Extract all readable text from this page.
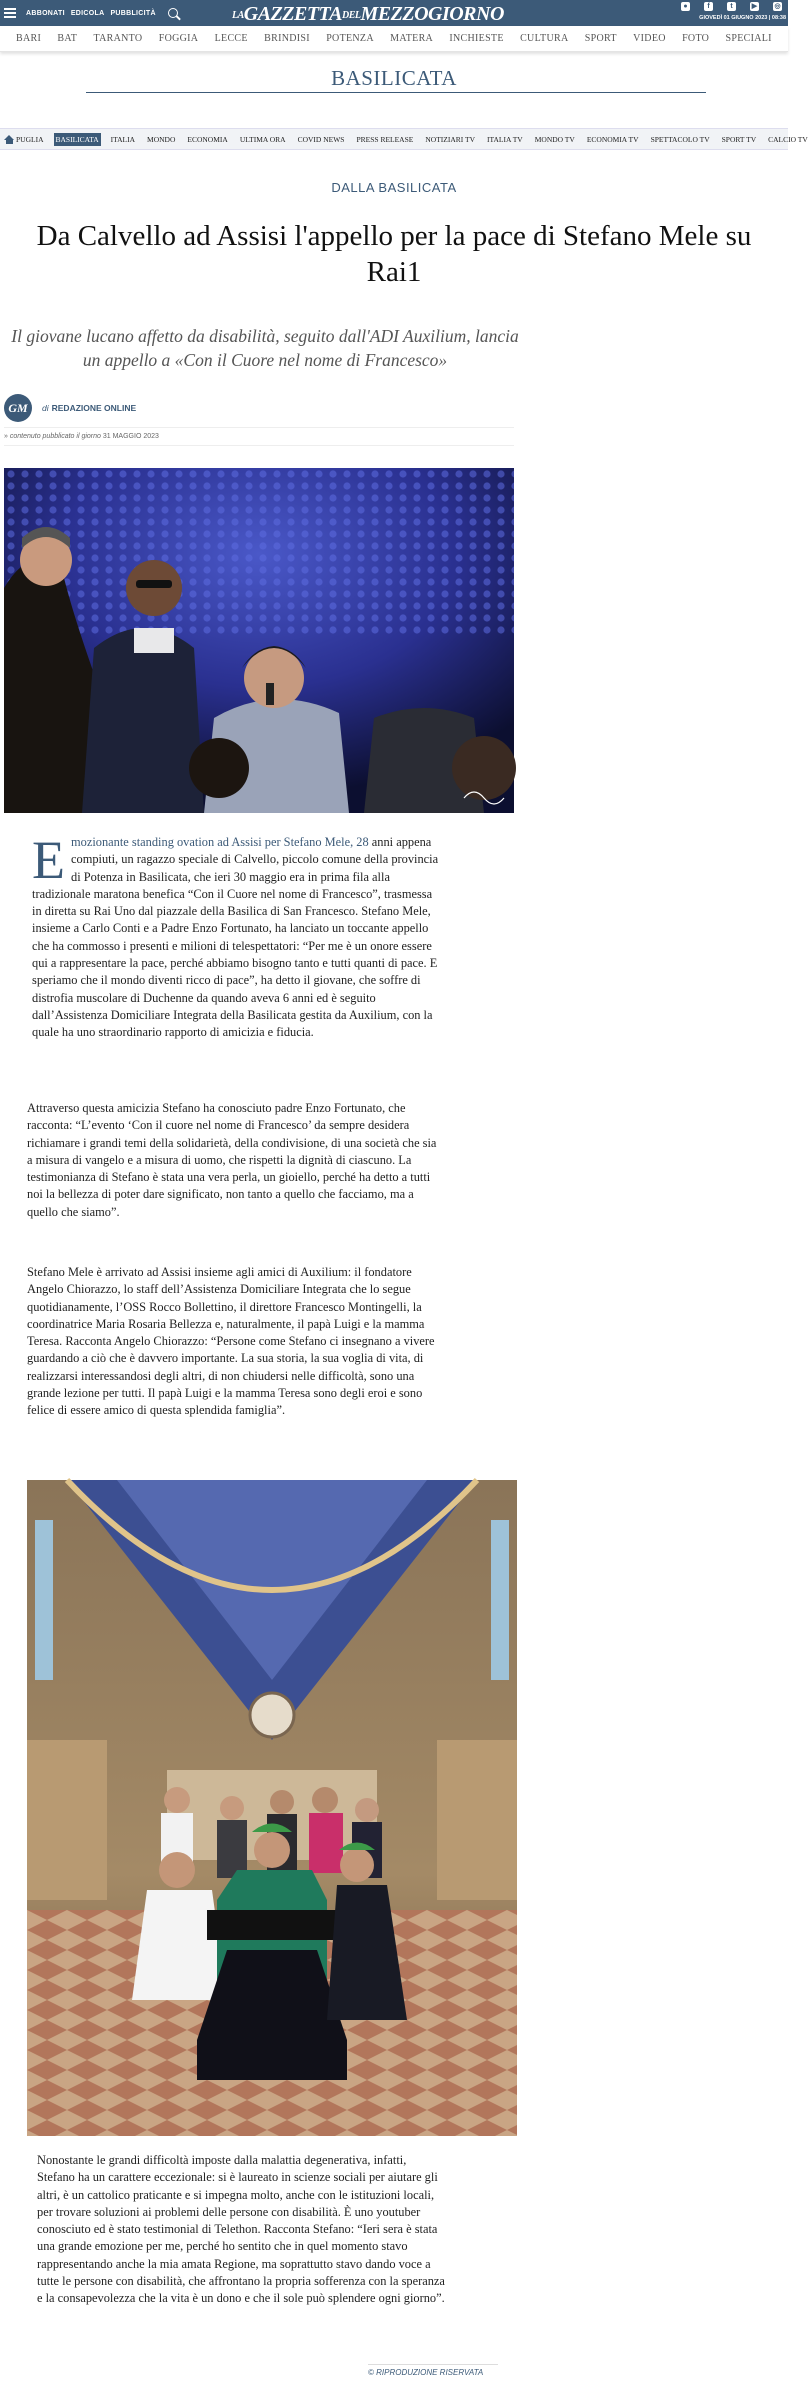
ABBONATI EDICOLA PUBBLICITÀ	LAGAZZETTADELMEZZOGIORNO	●	f	t	▶ ◎
GIOVEDÌ 01 GIUGNO 2023 | 08:38
BARI BAT TARANTO FOGGIA LECCE BRINDISI POTENZA MATERA INCHIESTE CULTURA SPORT VIDEO FOTO SPECIALI
BASILICATA
PUGLIA BASILICATA ITALIA MONDO ECONOMIA ULTIMA ORA COVID NEWS PRESS RELEASE NOTIZIARI TV ITALIA TV MONDO TV ECONOMIA TV SPETTACOLO TV SPORT TV CALCIO TV
DALLA BASILICATA
Da Calvello ad Assisi l'appello per la pace di Stefano Mele su Rai1
Il giovane lucano affetto da disabilità, seguito dall'ADI Auxilium, lancia un appello a «Con il Cuore nel nome di Francesco»
GM	di REDAZIONE ONLINE
» contenuto pubblicato il giorno 31 MAGGIO 2023
Emozionante standing ovation ad Assisi per Stefano Mele, 28 anni appena compiuti, un ragazzo speciale di Calvello, piccolo comune della provincia di Potenza in Basilicata, che ieri 30 maggio era in prima fila alla tradizionale maratona benefica “Con il Cuore nel nome di Francesco”, trasmessa in diretta su Rai Uno dal piazzale della Basilica di San Francesco. Stefano Mele, insieme a Carlo Conti e a Padre Enzo Fortunato, ha lanciato un toccante appello che ha commosso i presenti e milioni di telespettatori: “Per me è un onore essere qui a rappresentare la pace, perché abbiamo bisogno tanto e tutti quanti di pace. E speriamo che il mondo diventi ricco di pace”, ha detto il giovane, che soffre di distrofia muscolare di Duchenne da quando aveva 6 anni ed è seguito dall’Assistenza Domiciliare Integrata della Basilicata gestita da Auxilium, con la quale ha uno straordinario rapporto di amicizia e fiducia.
Attraverso questa amicizia Stefano ha conosciuto padre Enzo Fortunato, che racconta: “L’evento ‘Con il cuore nel nome di Francesco’ da sempre desidera richiamare i grandi temi della solidarietà, della condivisione, di una società che sia a misura di vangelo e a misura di uomo, che rispetti la dignità di ciascuno. La testimonianza di Stefano è stata una vera perla, un gioiello, perché ha detto a tutti noi la bellezza di poter dare significato, non tanto a quello che facciamo, ma a quello che siamo”.
Stefano Mele è arrivato ad Assisi insieme agli amici di Auxilium: il fondatore Angelo Chiorazzo, lo staff dell’Assistenza Domiciliare Integrata che lo segue quotidianamente, l’OSS Rocco Bollettino, il direttore Francesco Montingelli, la coordinatrice Maria Rosaria Bellezza e, naturalmente, il papà Luigi e la mamma Teresa. Racconta Angelo Chiorazzo: “Persone come Stefano ci insegnano a vivere guardando a ciò che è davvero importante. La sua storia, la sua voglia di vita, di realizzarsi interessandosi degli altri, di non chiudersi nelle difficoltà, sono una grande lezione per tutti. Il papà Luigi e la mamma Teresa sono degli eroi e sono felice di essere amico di questa splendida famiglia”.
Nonostante le grandi difficoltà imposte dalla malattia degenerativa, infatti, Stefano ha un carattere eccezionale: si è laureato in scienze sociali per aiutare gli altri, è un cattolico praticante e si impegna molto, anche con le istituzioni locali, per trovare soluzioni ai problemi delle persone con disabilità. È uno youtuber conosciuto ed è stato testimonial di Telethon. Racconta Stefano: “Ieri sera è stata una grande emozione per me, perché ho sentito che in quel momento stavo rappresentando anche la mia amata Regione, ma soprattutto stavo dando voce a tutte le persone con disabilità, che affrontano la propria sofferenza con la speranza e la consapevolezza che la vita è un dono e che il sole può splendere ogni giorno”.
© RIPRODUZIONE RISERVATA
